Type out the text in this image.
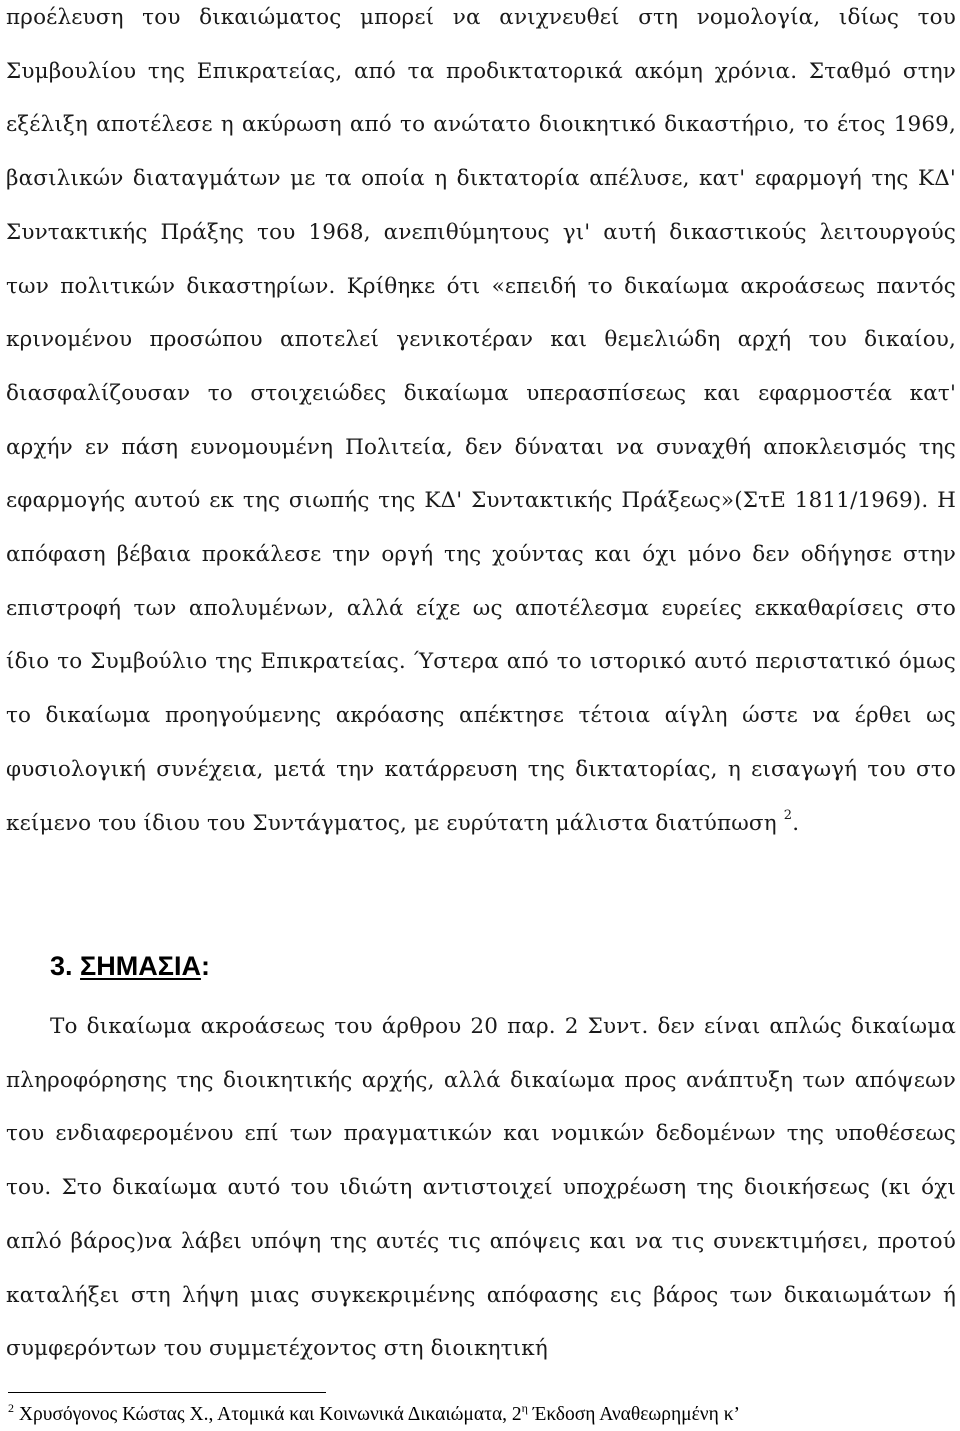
προέλευση του δικαιώματος μπορεί να ανιχνευθεί στη νομολογία, ιδίως του Συμβουλίου της Επικρατείας, από τα προδικτατορικά ακόμη χρόνια. Σταθμό στην εξέλιξη αποτέλεσε η ακύρωση από το ανώτατο διοικητικό δικαστήριο, το έτος 1969, βασιλικών διαταγμάτων με τα οποία η δικτατορία απέλυσε, κατ' εφαρμογή της ΚΔ' Συντακτικής Πράξης του 1968, ανεπιθύμητους γι' αυτή δικαστικούς λειτουργούς των πολιτικών δικαστηρίων. Κρίθηκε ότι «επειδή το δικαίωμα ακροάσεως παντός κρινομένου προσώπου αποτελεί γενικοτέραν και θεμελιώδη αρχή του δικαίου, διασφαλίζουσαν το στοιχειώδες δικαίωμα υπερασπίσεως και εφαρμοστέα κατ' αρχήν εν πάση ευνομουμένη Πολιτεία, δεν δύναται να συναχθή αποκλεισμός της εφαρμογής αυτού εκ της σιωπής της ΚΔ' Συντακτικής Πράξεως»(ΣτΕ 1811/1969). Η απόφαση βέβαια προκάλεσε την οργή της χούντας και όχι μόνο δεν οδήγησε στην επιστροφή των απολυμένων, αλλά είχε ως αποτέλεσμα ευρείες εκκαθαρίσεις στο ίδιο το Συμβούλιο της Επικρατείας. Ύστερα από το ιστορικό αυτό περιστατικό όμως το δικαίωμα προηγούμενης ακρόασης απέκτησε τέτοια αίγλη ώστε να έρθει ως φυσιολογική συνέχεια, μετά την κατάρρευση της δικτατορίας, η εισαγωγή του στο κείμενο του ίδιου του Συντάγματος, με ευρύτατη μάλιστα διατύπωση $^2$.

3. ΣΗΜΑΣΙΑ:

Το δικαίωμα ακροάσεως του άρθρου 20 παρ. 2 Συντ. δεν είναι απλώς δικαίωμα πληροφόρησης της διοικητικής αρχής, αλλά δικαίωμα προς ανάπτυξη των απόψεων του ενδιαφερομένου επί των πραγματικών και νομικών δεδομένων της υποθέσεως του. Στο δικαίωμα αυτό του ιδιώτη αντιστοιχεί υποχρέωση της διοικήσεως (κι όχι απλό βάρος)να λάβει υπόψη της αυτές τις απόψεις και να τις συνεκτιμήσει, προτού καταλήξει στη λήψη μιας συγκεκριμένης απόφασης εις βάρος των δικαιωμάτων ή συμφερόντων του συμμετέχοντος στη διοικητική

$^2$ Χρυσόγονος Κώστας Χ., Ατομικά και Κοινωνικά Δικαιώματα, $2^\eta$ Έκδοση Αναθεωρημένη κ’
